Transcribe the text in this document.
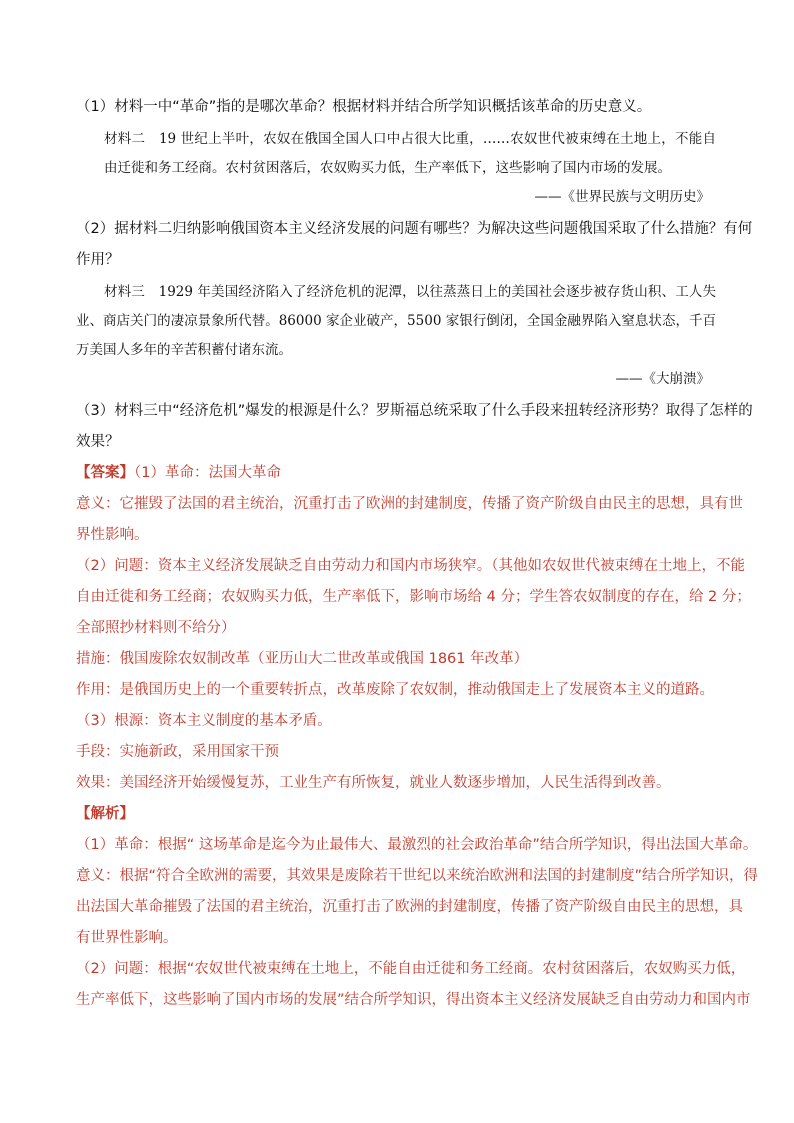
（1）材料一中“革命”指的是哪次革命？根据材料并结合所学知识概括该革命的历史意义。
材料二　19 世纪上半叶，农奴在俄国全国人口中占很大比重，……农奴世代被束缚在土地上，不能自
由迁徙和务工经商。农村贫困落后，农奴购买力低，生产率低下，这些影响了国内市场的发展。
——《世界民族与文明历史》
（2）据材料二归纳影响俄国资本主义经济发展的问题有哪些？为解决这些问题俄国采取了什么措施？有何
作用？
材料三　1929 年美国经济陷入了经济危机的泥潭，以往蒸蒸日上的美国社会逐步被存货山积、工人失
业、商店关门的凄凉景象所代替。86000 家企业破产，5500 家银行倒闭，全国金融界陷入窒息状态，千百
万美国人多年的辛苦积蓄付诸东流。
——《大崩溃》
（3）材料三中“经济危机”爆发的根源是什么？罗斯福总统采取了什么手段来扭转经济形势？取得了怎样的
效果？
【答案】（1）革命：法国大革命
意义：它摧毁了法国的君主统治，沉重打击了欧洲的封建制度，传播了资产阶级自由民主的思想，具有世
界性影响。
（2）问题：资本主义经济发展缺乏自由劳动力和国内市场狭窄。（其他如农奴世代被束缚在土地上，不能
自由迁徙和务工经商；农奴购买力低，生产率低下，影响市场给 4 分；学生答农奴制度的存在，给 2 分；
全部照抄材料则不给分）
措施：俄国废除农奴制改革（亚历山大二世改革或俄国 1861 年改革）
作用：是俄国历史上的一个重要转折点，改革废除了农奴制，推动俄国走上了发展资本主义的道路。
（3）根源：资本主义制度的基本矛盾。
手段：实施新政，采用国家干预
效果：美国经济开始缓慢复苏，工业生产有所恢复，就业人数逐步增加，人民生活得到改善。
【解析】
（1）革命：根据“ 这场革命是迄今为止最伟大、最激烈的社会政治革命”结合所学知识，得出法国大革命。
意义：根据“符合全欧洲的需要，其效果是废除若干世纪以来统治欧洲和法国的封建制度”结合所学知识，得
出法国大革命摧毁了法国的君主统治，沉重打击了欧洲的封建制度，传播了资产阶级自由民主的思想，具
有世界性影响。
（2）问题：根据“农奴世代被束缚在土地上，不能自由迁徙和务工经商。农村贫困落后，农奴购买力低，
生产率低下，这些影响了国内市场的发展”结合所学知识，得出资本主义经济发展缺乏自由劳动力和国内市
